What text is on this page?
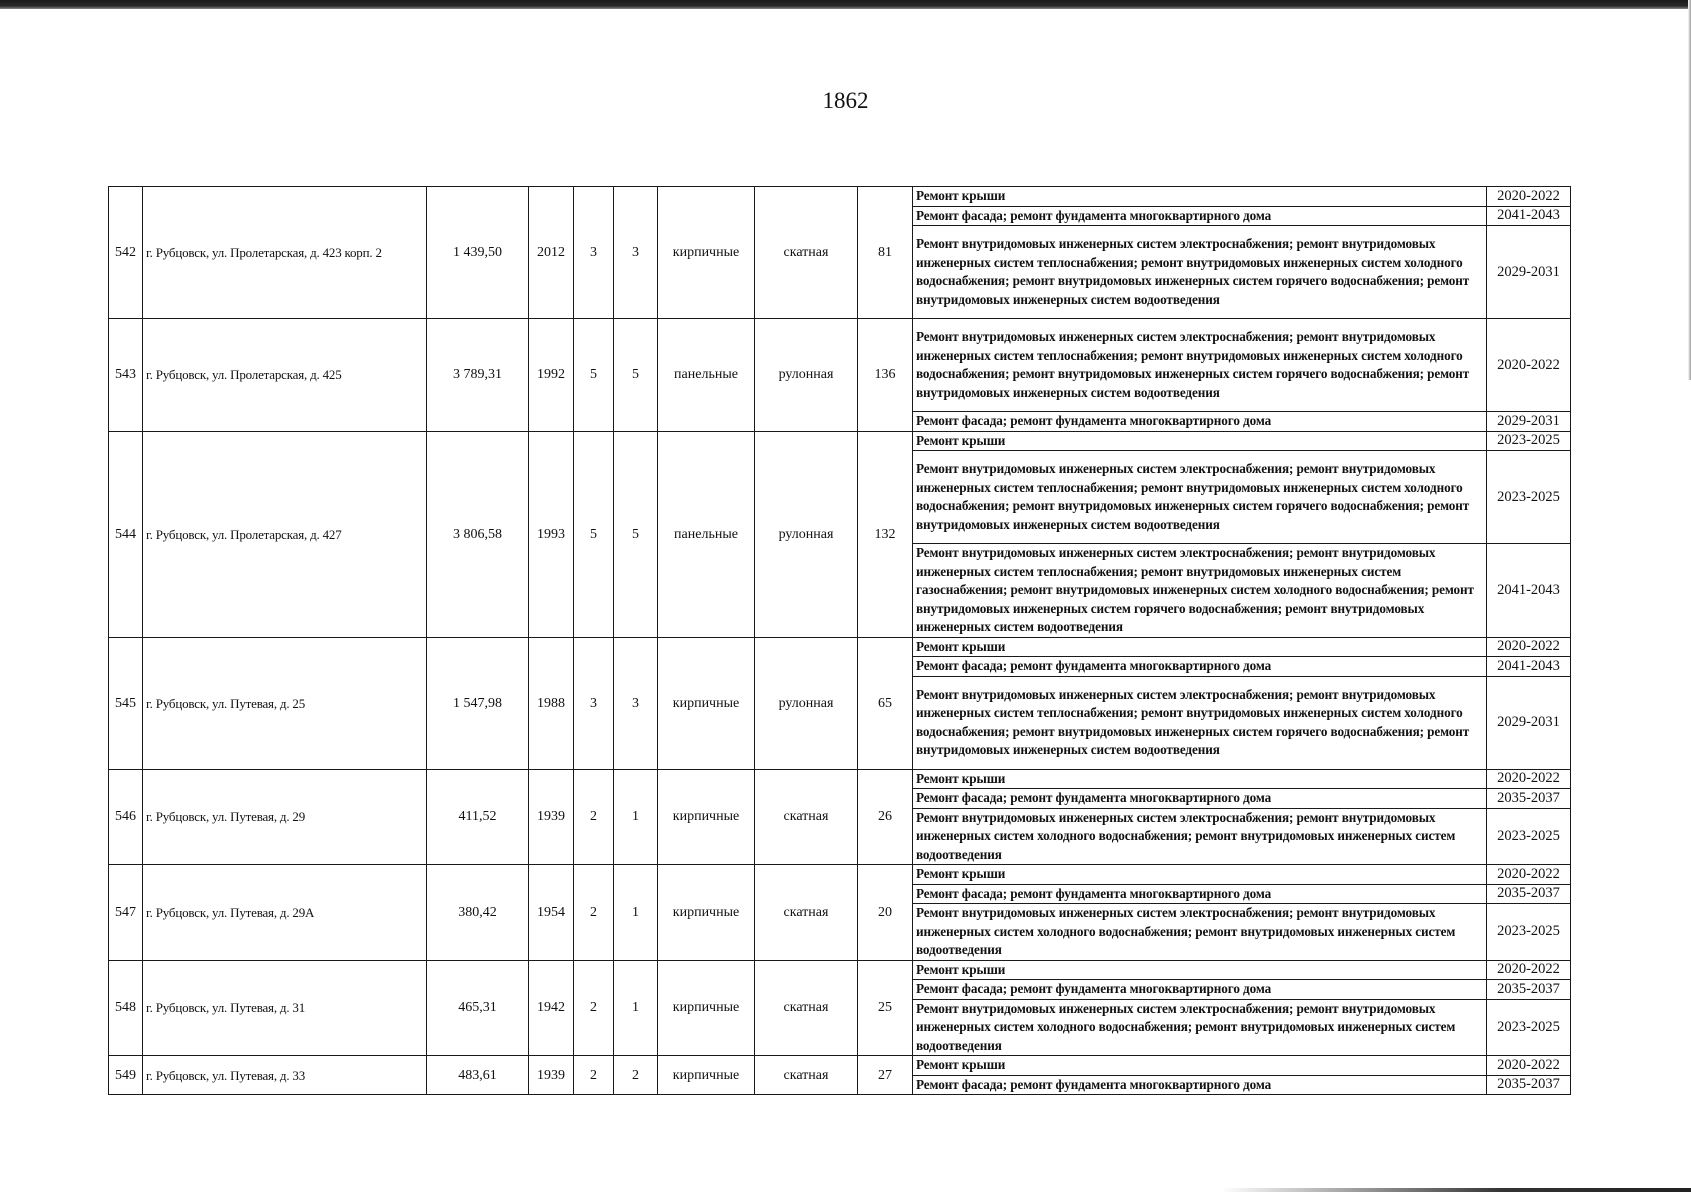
1862
542	г. Рубцовск, ул. Пролетарская, д. 423 корп. 2	1 439,50	2012	3	3	кирпичные	скатная	81	Ремонт крыши	2020-2022
									Ремонт фасада; ремонт фундамента многоквартирного дома	2041-2043
									Ремонт внутридомовых инженерных систем электроснабжения; ремонт внутридомовых инженерных систем теплоснабжения; ремонт внутридомовых инженерных систем холодного водоснабжения; ремонт внутридомовых инженерных систем горячего водоснабжения; ремонт внутридомовых инженерных систем водоотведения	2029-2031
543	г. Рубцовск, ул. Пролетарская, д. 425	3 789,31	1992	5	5	панельные	рулонная	136	Ремонт внутридомовых инженерных систем электроснабжения; ремонт внутридомовых инженерных систем теплоснабжения; ремонт внутридомовых инженерных систем холодного водоснабжения; ремонт внутридомовых инженерных систем горячего водоснабжения; ремонт внутридомовых инженерных систем водоотведения	2020-2022
									Ремонт фасада; ремонт фундамента многоквартирного дома	2029-2031
544	г. Рубцовск, ул. Пролетарская, д. 427	3 806,58	1993	5	5	панельные	рулонная	132	Ремонт крыши	2023-2025
									Ремонт внутридомовых инженерных систем электроснабжения; ремонт внутридомовых инженерных систем теплоснабжения; ремонт внутридомовых инженерных систем холодного водоснабжения; ремонт внутридомовых инженерных систем горячего водоснабжения; ремонт внутридомовых инженерных систем водоотведения	2023-2025
									Ремонт внутридомовых инженерных систем электроснабжения; ремонт внутридомовых инженерных систем теплоснабжения; ремонт внутридомовых инженерных систем газоснабжения; ремонт внутридомовых инженерных систем холодного водоснабжения; ремонт внутридомовых инженерных систем горячего водоснабжения; ремонт внутридомовых инженерных систем водоотведения	2041-2043
545	г. Рубцовск, ул. Путевая, д. 25	1 547,98	1988	3	3	кирпичные	рулонная	65	Ремонт крыши	2020-2022
									Ремонт фасада; ремонт фундамента многоквартирного дома	2041-2043
									Ремонт внутридомовых инженерных систем электроснабжения; ремонт внутридомовых инженерных систем теплоснабжения; ремонт внутридомовых инженерных систем холодного водоснабжения; ремонт внутридомовых инженерных систем горячего водоснабжения; ремонт внутридомовых инженерных систем водоотведения	2029-2031
546	г. Рубцовск, ул. Путевая, д. 29	411,52	1939	2	1	кирпичные	скатная	26	Ремонт крыши	2020-2022
									Ремонт фасада; ремонт фундамента многоквартирного дома	2035-2037
									Ремонт внутридомовых инженерных систем электроснабжения; ремонт внутридомовых инженерных систем холодного водоснабжения; ремонт внутридомовых инженерных систем водоотведения	2023-2025
547	г. Рубцовск, ул. Путевая, д. 29А	380,42	1954	2	1	кирпичные	скатная	20	Ремонт крыши	2020-2022
									Ремонт фасада; ремонт фундамента многоквартирного дома	2035-2037
									Ремонт внутридомовых инженерных систем электроснабжения; ремонт внутридомовых инженерных систем холодного водоснабжения; ремонт внутридомовых инженерных систем водоотведения	2023-2025
548	г. Рубцовск, ул. Путевая, д. 31	465,31	1942	2	1	кирпичные	скатная	25	Ремонт крыши	2020-2022
									Ремонт фасада; ремонт фундамента многоквартирного дома	2035-2037
									Ремонт внутридомовых инженерных систем электроснабжения; ремонт внутридомовых инженерных систем холодного водоснабжения; ремонт внутридомовых инженерных систем водоотведения	2023-2025
549	г. Рубцовск, ул. Путевая, д. 33	483,61	1939	2	2	кирпичные	скатная	27	Ремонт крыши	2020-2022
									Ремонт фасада; ремонт фундамента многоквартирного дома	2035-2037
